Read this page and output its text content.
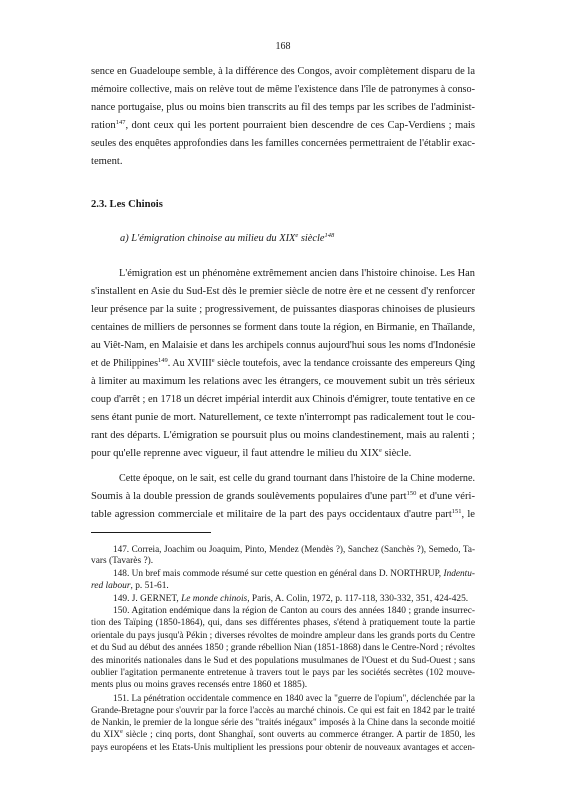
168
sence en Guadeloupe semble, à la différence des Congos, avoir complètement disparu de la
mémoire collective, mais on relève tout de même l'existence dans l'île de patronymes à conso-
nance portugaise, plus ou moins bien transcrits au fil des temps par les scribes de l'administ-
ration$^{147}$, dont ceux qui les portent pourraient bien descendre de ces Cap-Verdiens ; mais
seules des enquêtes approfondies dans les familles concernées permettraient de l'établir exac-
tement.
2.3. Les Chinois
a) L'émigration chinoise au milieu du XIXe siècle$^{148}$
L'émigration est un phénomène extrêmement ancien dans l'histoire chinoise. Les Han
s'installent en Asie du Sud-Est dès le premier siècle de notre ère et ne cessent d'y renforcer
leur présence par la suite ; progressivement, de puissantes diasporas chinoises de plusieurs
centaines de milliers de personnes se forment dans toute la région, en Birmanie, en Thaïlande,
au Viêt-Nam, en Malaisie et dans les archipels connus aujourd'hui sous les noms d'Indonésie
et de Philippines$^{149}$. Au XVIIIe siècle toutefois, avec la tendance croissante des empereurs Qing
à limiter au maximum les relations avec les étrangers, ce mouvement subit un très sérieux
coup d'arrêt ; en 1718 un décret impérial interdit aux Chinois d'émigrer, toute tentative en ce
sens étant punie de mort. Naturellement, ce texte n'interrompt pas radicalement tout le cou-
rant des départs. L'émigration se poursuit plus ou moins clandestinement, mais au ralenti ;
pour qu'elle reprenne avec vigueur, il faut attendre le milieu du XIXe siècle.
Cette époque, on le sait, est celle du grand tournant dans l'histoire de la Chine moderne.
Soumis à la double pression de grands soulèvements populaires d'une part$^{150}$ et d'une véri-
table agression commerciale et militaire de la part des pays occidentaux d'autre part$^{151}$, le
147. Correia, Joachim ou Joaquim, Pinto, Mendez (Mendès ?), Sanchez (Sanchès ?), Semedo, Ta-
vars (Tavarès ?).
148. Un bref mais commode résumé sur cette question en général dans D. NORTHRUP, Indentu-
red labour, p. 51-61.
149. J. GERNET, Le monde chinois, Paris, A. Colin, 1972, p. 117-118, 330-332, 351, 424-425.
150. Agitation endémique dans la région de Canton au cours des années 1840 ; grande insurrec-
tion des Taïping (1850-1864), qui, dans ses différentes phases, s'étend à pratiquement toute la partie
orientale du pays jusqu'à Pékin ; diverses révoltes de moindre ampleur dans les grands ports du Centre
et du Sud au début des années 1850 ; grande rébellion Nian (1851-1868) dans le Centre-Nord ; révoltes
des minorités nationales dans le Sud et des populations musulmanes de l'Ouest et du Sud-Ouest ; sans
oublier l'agitation permanente entretenue à travers tout le pays par les sociétés secrètes (102 mouve-
ments plus ou moins graves recensés entre 1860 et 1885).
151. La pénétration occidentale commence en 1840 avec la "guerre de l'opium", déclenchée par la
Grande-Bretagne pour s'ouvrir par la force l'accès au marché chinois. Ce qui est fait en 1842 par le traité
de Nankin, le premier de la longue série des "traités inégaux" imposés à la Chine dans la seconde moitié
du XIXe siècle ; cinq ports, dont Shanghaï, sont ouverts au commerce étranger. A partir de 1850, les
pays européens et les Etats-Unis multiplient les pressions pour obtenir de nouveaux avantages et accen-
